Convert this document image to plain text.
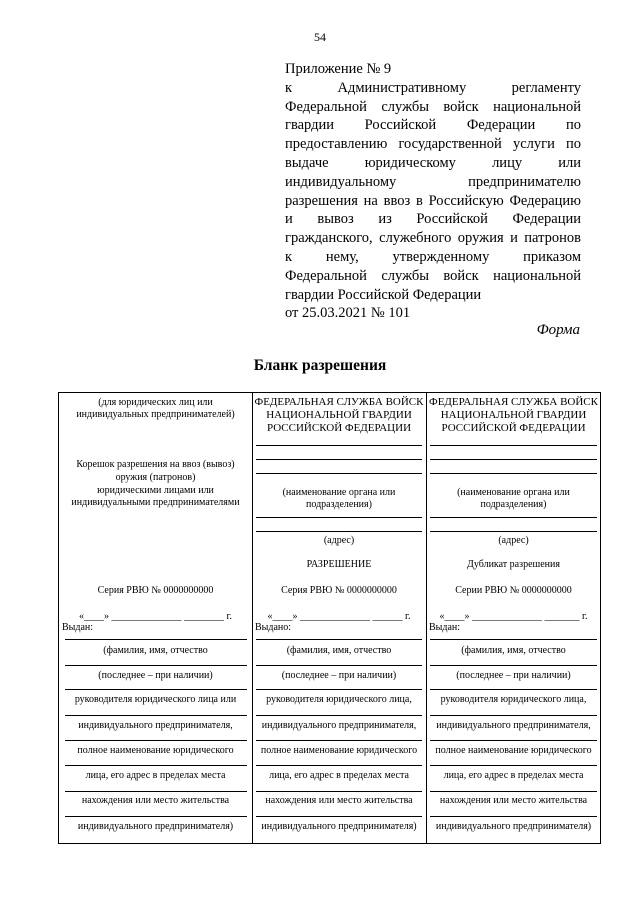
54
Приложение № 9
к Административному регламенту
Федеральной службы войск национальной
гвардии Российской Федерации по
предоставлению государственной услуги по
выдаче юридическому лицу или
индивидуальному предпринимателю
разрешения на ввоз в Российскую Федерацию
и вывоз из Российской Федерации
гражданского, служебного оружия и патронов
к нему, утвержденному приказом
Федеральной службы войск национальной
гвардии Российской Федерации
от 25.03.2021 № 101
Форма
Бланк разрешения
(для юридических лиц или
индивидуальных предпринимателей)
Корешок разрешения на ввоз (вывоз)
оружия (патронов)
юридическими лицами или
индивидуальными предпринимателями
Серия РВЮ № 0000000000
«____» ______________ ________ г.
Выдан:
(фамилия, имя, отчество
(последнее – при наличии)
руководителя юридического лица или
индивидуального предпринимателя,
полное наименование юридического
лица, его адрес в пределах места
нахождения или место жительства
индивидуального предпринимателя)
ФЕДЕРАЛЬНАЯ СЛУЖБА ВОЙСК
НАЦИОНАЛЬНОЙ ГВАРДИИ
РОССИЙСКОЙ ФЕДЕРАЦИИ
(наименование органа или
подразделения)
(адрес)
РАЗРЕШЕНИЕ
Серия РВЮ № 0000000000
«____» ______________ ______ г.
Выдано:
(фамилия, имя, отчество
(последнее – при наличии)
руководителя юридического лица,
индивидуального предпринимателя,
полное наименование юридического
лица, его адрес в пределах места
нахождения или место жительства
индивидуального предпринимателя)
ФЕДЕРАЛЬНАЯ СЛУЖБА ВОЙСК
НАЦИОНАЛЬНОЙ ГВАРДИИ
РОССИЙСКОЙ ФЕДЕРАЦИИ
(наименование органа или
подразделения)
(адрес)
Дубликат разрешения
Серии РВЮ № 0000000000
«____» ______________ _______ г.
Выдан:
(фамилия, имя, отчество
(последнее – при наличии)
руководителя юридического лица,
индивидуального предпринимателя,
полное наименование юридического
лица, его адрес в пределах места
нахождения или место жительства
индивидуального предпринимателя)
